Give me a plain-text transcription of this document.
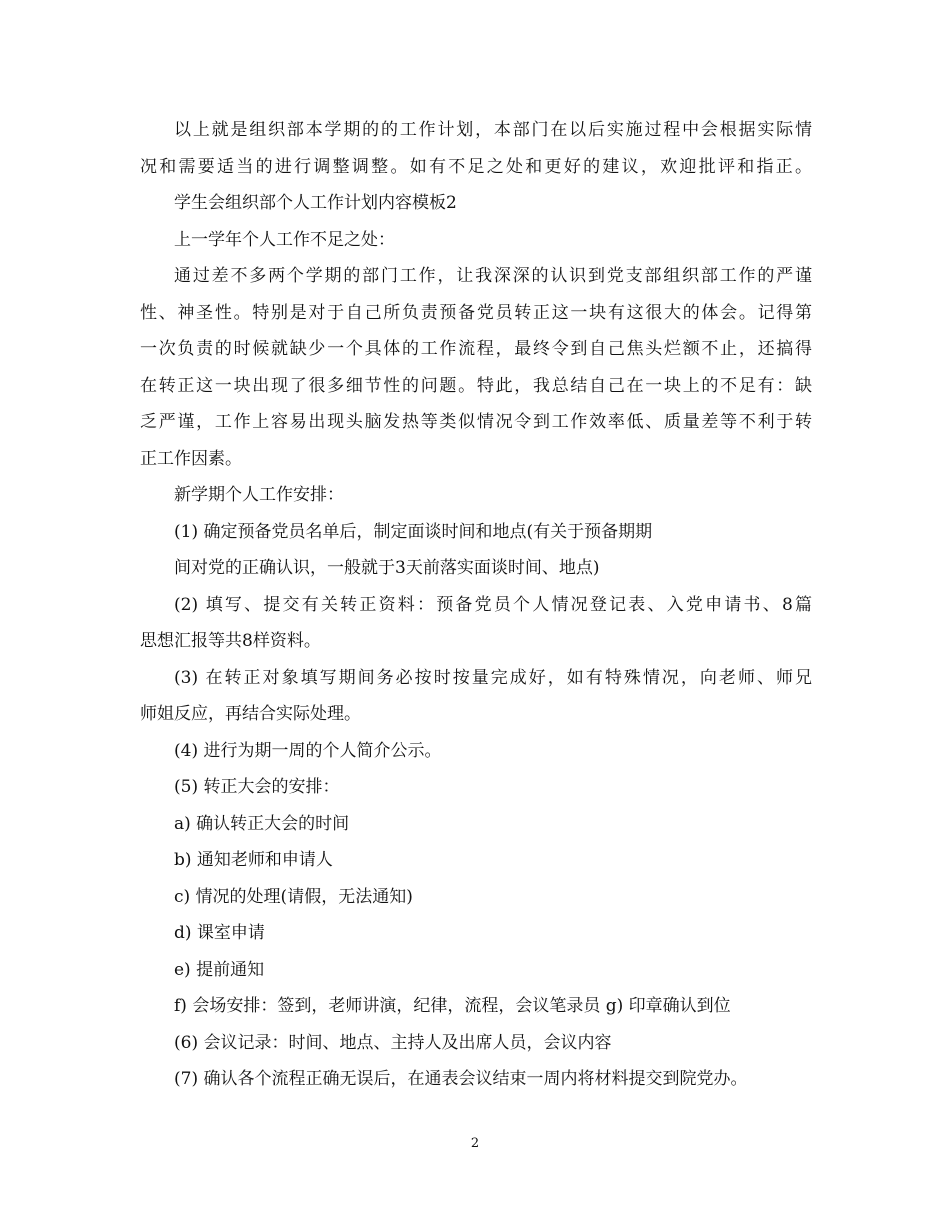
以上就是组织部本学期的的工作计划，本部门在以后实施过程中会根据实际情
况和需要适当的进行调整调整。如有不足之处和更好的建议，欢迎批评和指正。
学生会组织部个人工作计划内容模板2
上一学年个人工作不足之处：
通过差不多两个学期的部门工作，让我深深的认识到党支部组织部工作的严谨
性、神圣性。特别是对于自己所负责预备党员转正这一块有这很大的体会。记得第
一次负责的时候就缺少一个具体的工作流程，最终令到自己焦头烂额不止，还搞得
在转正这一块出现了很多细节性的问题。特此，我总结自己在一块上的不足有：缺
乏严谨，工作上容易出现头脑发热等类似情况令到工作效率低、质量差等不利于转
正工作因素。
新学期个人工作安排：
(1) 确定预备党员名单后，制定面谈时间和地点(有关于预备期期
间对党的正确认识，一般就于3天前落实面谈时间、地点)
(2) 填写、提交有关转正资料：预备党员个人情况登记表、入党申请书、8篇
思想汇报等共8样资料。
(3) 在转正对象填写期间务必按时按量完成好，如有特殊情况，向老师、师兄
师姐反应，再结合实际处理。
(4) 进行为期一周的个人简介公示。
(5) 转正大会的安排：
a) 确认转正大会的时间
b) 通知老师和申请人
c) 情况的处理(请假，无法通知)
d) 课室申请
e) 提前通知
f) 会场安排：签到，老师讲演，纪律，流程，会议笔录员 g) 印章确认到位
(6) 会议记录：时间、地点、主持人及出席人员，会议内容
(7) 确认各个流程正确无误后，在通表会议结束一周内将材料提交到院党办。
2
